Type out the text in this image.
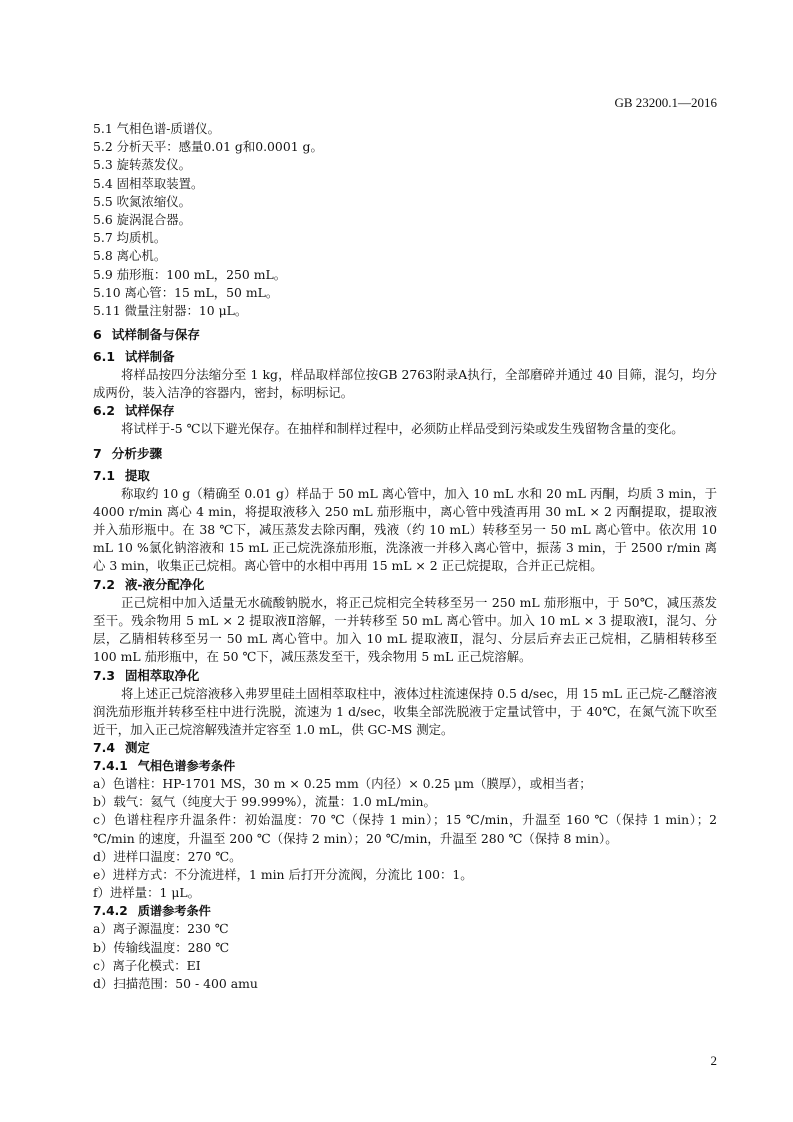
GB 23200.1—2016
5.1 气相色谱-质谱仪。
5.2 分析天平：感量0.01 g和0.0001 g。
5.3 旋转蒸发仪。
5.4 固相萃取装置。
5.5 吹氮浓缩仪。
5.6 旋涡混合器。
5.7 均质机。
5.8 离心机。
5.9 茄形瓶：100 mL，250 mL。
5.10 离心管：15 mL，50 mL。
5.11 微量注射器：10 μL。
6 试样制备与保存
6.1 试样制备
将样品按四分法缩分至 1 kg，样品取样部位按GB 2763附录A执行，全部磨碎并通过 40 目筛，混匀，均分成两份，装入洁净的容器内，密封，标明标记。
6.2 试样保存
将试样于-5 ℃以下避光保存。在抽样和制样过程中，必须防止样品受到污染或发生残留物含量的变化。
7 分析步骤
7.1 提取
称取约 10 g（精确至 0.01 g）样品于 50 mL 离心管中，加入 10 mL 水和 20 mL 丙酮，均质 3 min，于 4000 r/min 离心 4 min，将提取液移入 250 mL 茄形瓶中，离心管中残渣再用 30 mL × 2 丙酮提取，提取液并入茄形瓶中。在 38 ℃下，减压蒸发去除丙酮，残液（约 10 mL）转移至另一 50 mL 离心管中。依次用 10 mL 10 %氯化钠溶液和 15 mL 正己烷洗涤茄形瓶，洗涤液一并移入离心管中，振荡 3 min，于 2500 r/min 离心 3 min，收集正己烷相。离心管中的水相中再用 15 mL × 2 正己烷提取，合并正己烷相。
7.2 液-液分配净化
正己烷相中加入适量无水硫酸钠脱水，将正己烷相完全转移至另一 250 mL 茄形瓶中，于 50℃，减压蒸发至干。残余物用 5 mL × 2 提取液Ⅱ溶解，一并转移至 50 mL 离心管中。加入 10 mL × 3 提取液Ⅰ，混匀、分层，乙腈相转移至另一 50 mL 离心管中。加入 10 mL 提取液Ⅱ，混匀、分层后弃去正己烷相，乙腈相转移至 100 mL 茄形瓶中，在 50 ℃下，减压蒸发至干，残余物用 5 mL 正己烷溶解。
7.3 固相萃取净化
将上述正己烷溶液移入弗罗里硅土固相萃取柱中，液体过柱流速保持 0.5 d/sec，用 15 mL 正己烷-乙醚溶液润洗茄形瓶并转移至柱中进行洗脱，流速为 1 d/sec，收集全部洗脱液于定量试管中，于 40℃，在氮气流下吹至近干，加入正己烷溶解残渣并定容至 1.0 mL，供 GC-MS 测定。
7.4 测定
7.4.1 气相色谱参考条件
a）色谱柱：HP-1701 MS，30 m × 0.25 mm（内径）× 0.25 μm（膜厚），或相当者；
b）载气：氦气（纯度大于 99.999%），流量：1.0 mL/min。
c）色谱柱程序升温条件：初始温度：70 ℃（保持 1 min）；15 ℃/min，升温至 160 ℃（保持 1 min）；2 ℃/min 的速度，升温至 200 ℃（保持 2 min）；20 ℃/min，升温至 280 ℃（保持 8 min）。
d）进样口温度：270 ℃。
e）进样方式：不分流进样，1 min 后打开分流阀，分流比 100：1。
f）进样量：1 μL。
7.4.2 质谱参考条件
a）离子源温度：230 ℃
b）传输线温度：280 ℃
c）离子化模式：EI
d）扫描范围：50 - 400 amu
2
